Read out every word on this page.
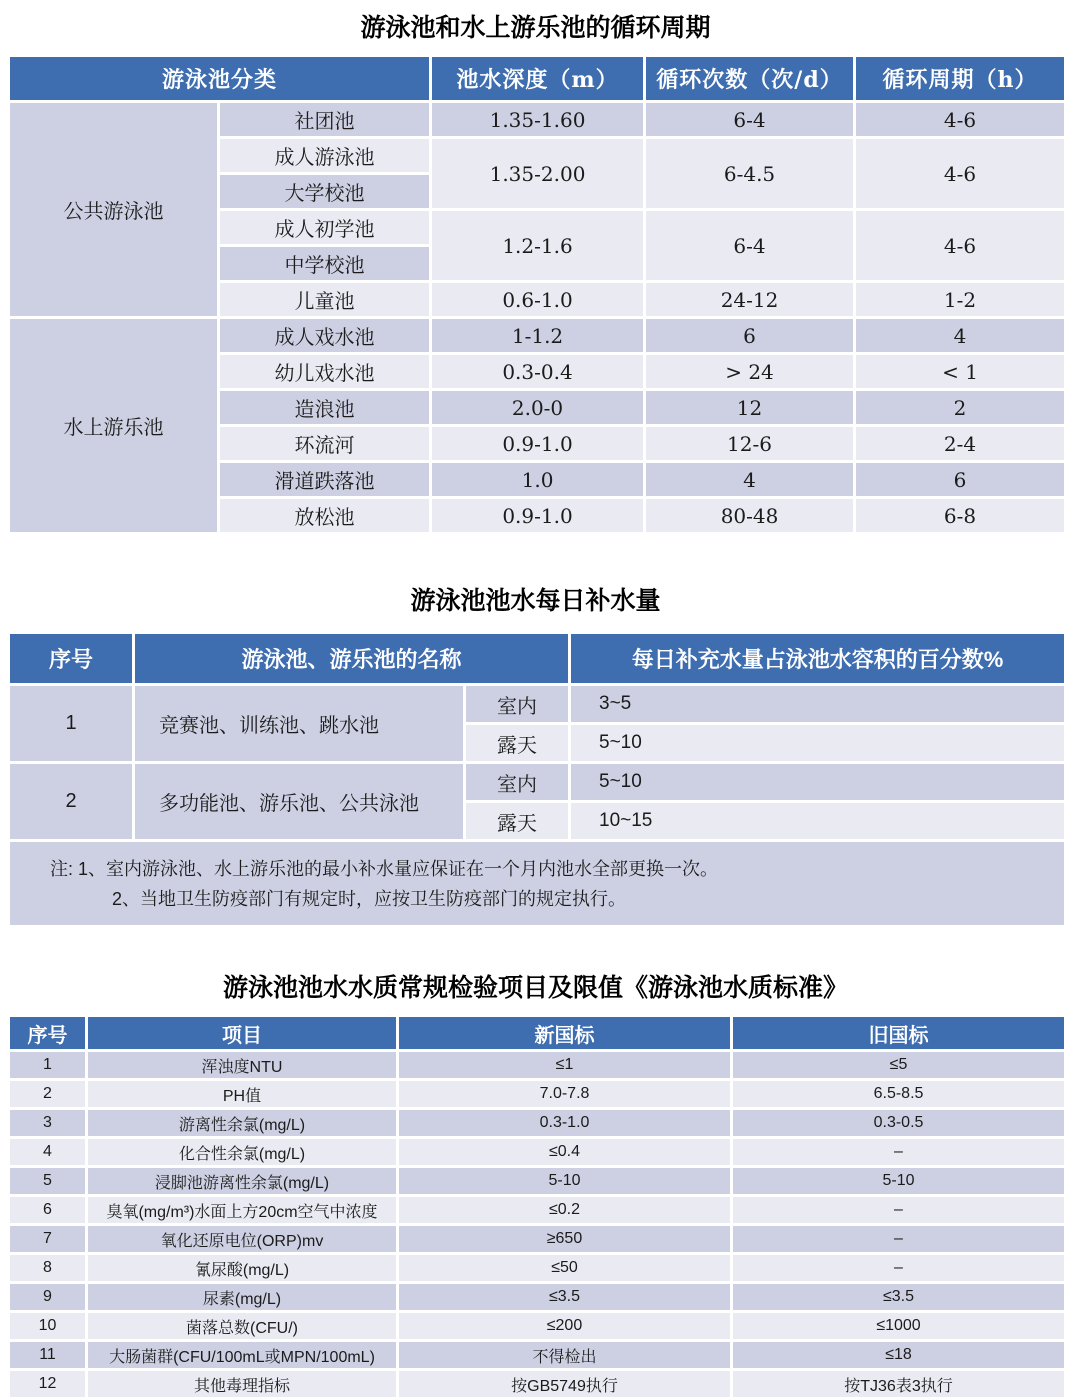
游泳池和水上游乐池的循环周期
游泳池分类		池水深度（m）	循环次数（次/d）	循环周期（h）
公共游泳池	社团池	1.35-1.60	6-4	4-6
	成人游泳池	1.35-2.00	6-4.5	4-6
	大学校池			
	成人初学池	1.2-1.6	6-4	4-6
	中学校池			
	儿童池	0.6-1.0	24-12	1-2
水上游乐池	成人戏水池	1-1.2	6	4
	幼儿戏水池	0.3-0.4	> 24	< 1
	造浪池	2.0-0	12	2
	环流河	0.9-1.0	12-6	2-4
	滑道跌落池	1.0	4	6
	放松池	0.9-1.0	80-48	6-8
游泳池池水每日补水量
序号	游泳池、游乐池的名称		每日补充水量占泳池水容积的百分数%
1	竞赛池、训练池、跳水池	室内	3~5
		露天	5~10
2	多功能池、游乐池、公共泳池	室内	5~10
		露天	10~15

注: 1、室内游泳池、水上游乐池的最小补水量应保证在一个月内池水全部更换一次。
2、当地卫生防疫部门有规定时，应按卫生防疫部门的规定执行。			
游泳池池水水质常规检验项目及限值《游泳池水质标准》
序号	项目	新国标	旧国标
1	浑浊度NTU	≤1	≤5
2	PH值	7.0-7.8	6.5-8.5
3	游离性余氯(mg/L)	0.3-1.0	0.3-0.5
4	化合性余氯(mg/L)	≤0.4	–
5	浸脚池游离性余氯(mg/L)	5-10	5-10
6	臭氧(mg/m³)水面上方20cm空气中浓度	≤0.2	–
7	氧化还原电位(ORP)mv	≥650	–
8	氰尿酸(mg/L)	≤50	–
9	尿素(mg/L)	≤3.5	≤3.5
10	菌落总数(CFU/)	≤200	≤1000
11	大肠菌群(CFU/100mL或MPN/100mL)	不得检出	≤18
12	其他毒理指标	按GB5749执行	按TJ36表3执行
